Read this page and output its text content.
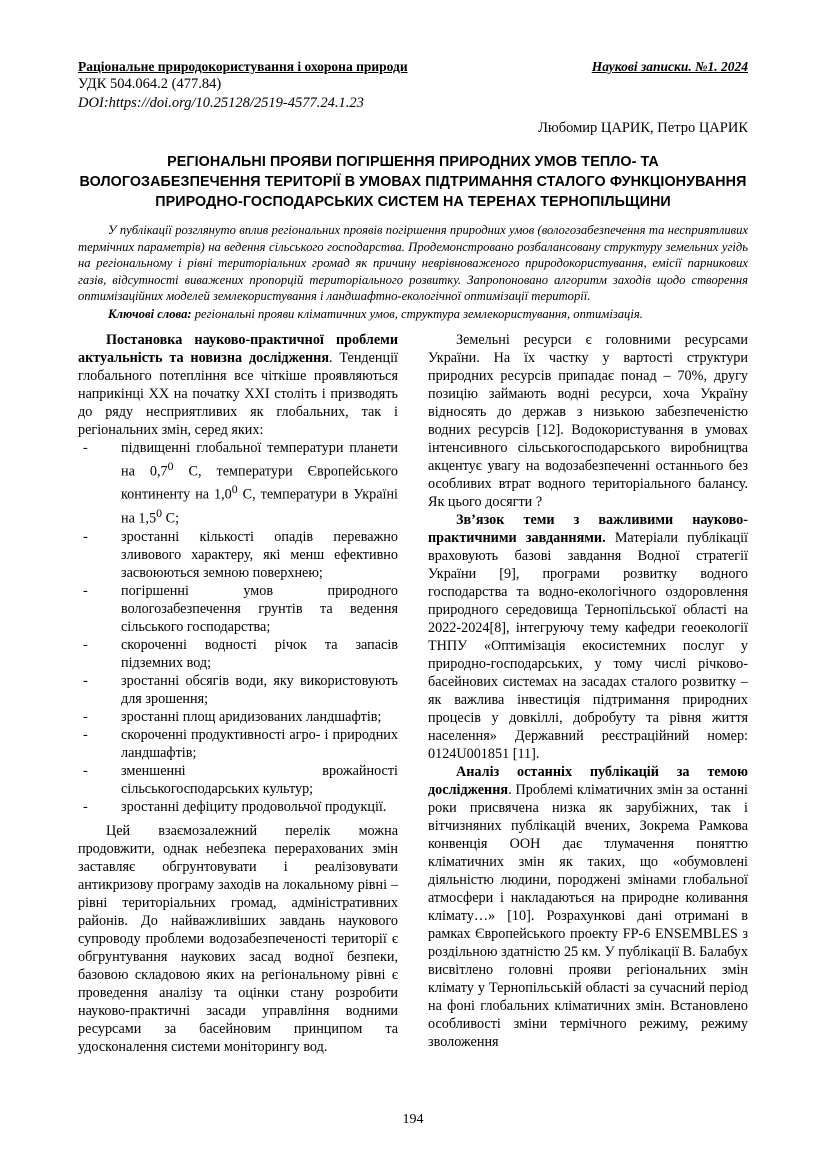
Раціональне природокористування і охорона природи	Наукові записки. №1. 2024
УДК 504.064.2 (477.84)
DOI:https://doi.org/10.25128/2519-4577.24.1.23
Любомир ЦАРИК, Петро ЦАРИК
РЕГІОНАЛЬНІ ПРОЯВИ ПОГІРШЕННЯ ПРИРОДНИХ УМОВ ТЕПЛО- ТА ВОЛОГОЗАБЕЗПЕЧЕННЯ ТЕРИТОРІЇ В УМОВАХ ПІДТРИМАННЯ СТАЛОГО ФУНКЦІОНУВАННЯ ПРИРОДНО-ГОСПОДАРСЬКИХ СИСТЕМ НА ТЕРЕНАХ ТЕРНОПІЛЬЩИНИ
У публікації розглянуто вплив регіональних проявів погіршення природних умов (вологозабезпечення та несприятливих термічних параметрів) на ведення сільського господарства. Продемонстровано розбалансовану структуру земельних угідь на регіональному і рівні територіальних громад як причину неврівноваженого природокористування, емісії парникових газів, відсутності виважених пропорцій територіального розвитку. Запропоновано алгоритм заходів щодо створення оптимізаційних моделей землекористування і ландшафтно-екологічної оптимізації території.
Ключові слова: регіональні прояви кліматичних умов, структура землекористування, оптимізація.

Постановка науково-практичної проблеми актуальність та новизна дослідження. Тенденції глобального потепління все чіткіше проявляються наприкінці ХХ на початку ХХІ століть і призводять до ряду несприятливих як глобальних, так і регіональних змін, серед яких:

- підвищенні глобальної температури планети на $0,7^0$ С, температури Європейського континенту на $1,0^0$ С, температури в Україні на $1,5^0$ С;
- зростанні кількості опадів переважно зливового характеру, які менш ефективно засвоюються земною поверхнею;
- погіршенні умов природного вологозабезпечення грунтів та ведення сільського господарства;
- скороченні водності річок та запасів підземних вод;
- зростанні обсягів води, яку використовують для зрошення;
- зростанні площ аридизованих ландшафтів;
- скороченні продуктивності агро- і природних ландшафтів;
- зменшенні врожайності сільськогосподарських культур;
- зростанні дефіциту продовольчої продукції.

Цей взаємозалежний перелік можна продовжити, однак небезпека перерахованих змін заставляє обгрунтовувати і реалізовувати антикризову програму заходів на локальному рівні – рівні територіальних громад, адміністративних районів. До найважливіших завдань наукового супроводу проблеми водозабезпеченості території є обгрунтування наукових засад водної безпеки, базовою складовою яких на регіональному рівні є проведення аналізу та оцінки стану розробити науково-практичні засади управління водними ресурсами за басейновим принципом та удосконалення системи моніторингу вод.

Земельні ресурси є головними ресурсами України. На їх частку у вартості структури природних ресурсів припадає понад – 70%, другу позицію займають водні ресурси, хоча Україну відносять до держав з низькою забезпеченістю водних ресурсів [12]. Водокористування в умовах інтенсивного сільськогосподарського виробництва акцентує увагу на водозабезпеченні останнього без особливих втрат водного територіального балансу. Як цього досягти ?

Зв’язок теми з важливими науково-практичними завданнями. Матеріали публікації враховують базові завдання Водної стратегії України [9], програми розвитку водного господарства та водно-екологічного оздоровлення природного середовища Тернопільської області на 2022-2024[8], інтегруючу тему кафедри геоекології ТНПУ «Оптимізація екосистемних послуг у природно-господарських, у тому числі річково-басейнових системах на засадах сталого розвитку – як важлива інвестиція підтримання природних процесів у довкіллі, добробуту та рівня життя населення» Державний реєстраційний номер: 0124U001851 [11].

Аналіз останніх публікацій за темою дослідження. Проблемі кліматичних змін за останні роки присвячена низка як зарубіжних, так і вітчизняних публікацій вчених, Зокрема Рамкова конвенція ООН дає тлумачення поняттю кліматичних змін як таких, що «обумовлені діяльністю людини, породжені змінами глобальної атмосфери і накладаються на природне коливання клімату…» [10]. Розрахункові дані отримані в рамках Європейського проекту FP-6 ENSEMBLES з роздільною здатністю 25 км. У публікації В. Балабух висвітлено головні прояви регіональних змін клімату у Тернопільській області за сучасний період на фоні глобальних кліматичних змін. Встановлено особливості зміни термічного режиму, режиму зволоження

194
